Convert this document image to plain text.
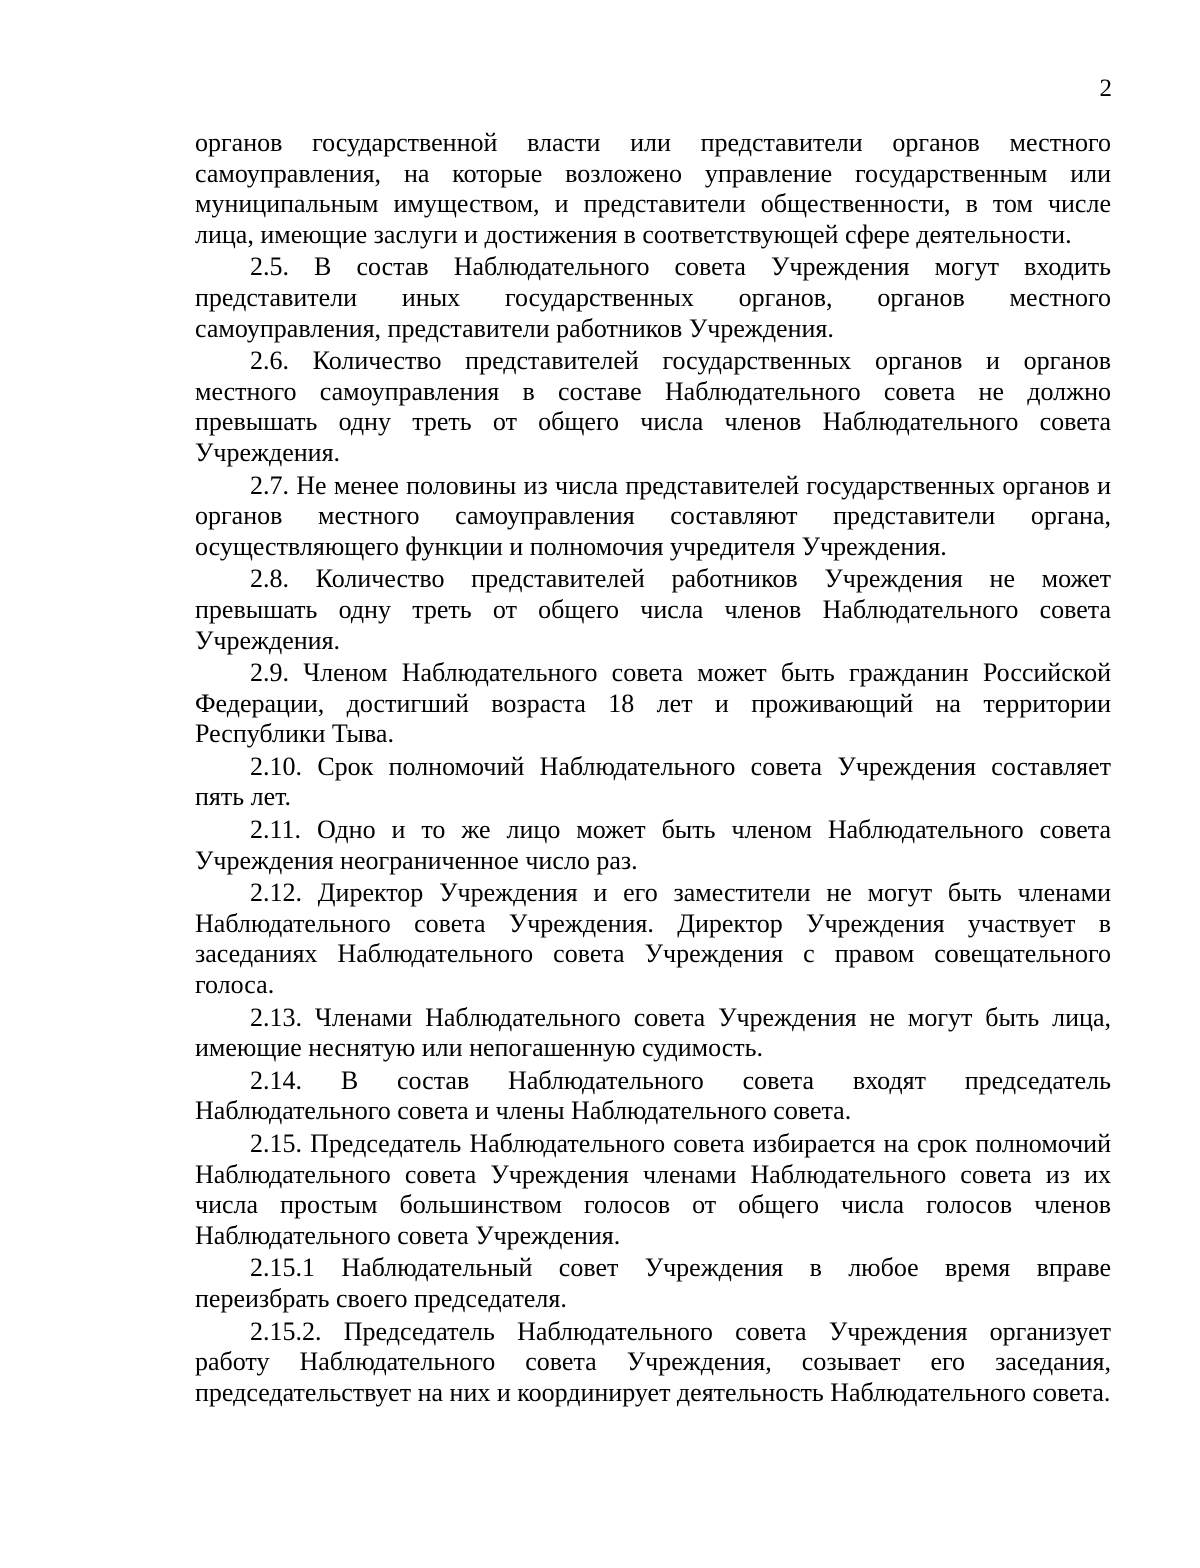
2

органов государственной власти или представители органов местного самоуправления, на которые возложено управление государственным или муниципальным имуществом, и представители общественности, в том числе лица, имеющие заслуги и достижения в соответствующей сфере деятельности.

2.5. В состав Наблюдательного совета Учреждения могут входить представители иных государственных органов, органов местного самоуправления, представители работников Учреждения.

2.6. Количество представителей государственных органов и органов местного самоуправления в составе Наблюдательного совета не должно превышать одну треть от общего числа членов Наблюдательного совета Учреждения.

2.7. Не менее половины из числа представителей государственных органов и органов местного самоуправления составляют представители органа, осуществляющего функции и полномочия учредителя Учреждения.

2.8. Количество представителей работников Учреждения не может превышать одну треть от общего числа членов Наблюдательного совета Учреждения.

2.9. Членом Наблюдательного совета может быть гражданин Российской Федерации, достигший возраста 18 лет и проживающий на территории Республики Тыва.

2.10. Срок полномочий Наблюдательного совета Учреждения составляет пять лет.

2.11. Одно и то же лицо может быть членом Наблюдательного совета Учреждения неограниченное число раз.

2.12. Директор Учреждения и его заместители не могут быть членами Наблюдательного совета Учреждения. Директор Учреждения участвует в заседаниях Наблюдательного совета Учреждения с правом совещательного голоса.

2.13. Членами Наблюдательного совета Учреждения не могут быть лица, имеющие неснятую или непогашенную судимость.

2.14. В состав Наблюдательного совета входят председатель Наблюдательного совета и члены Наблюдательного совета.

2.15. Председатель Наблюдательного совета избирается на срок полномочий Наблюдательного совета Учреждения членами Наблюдательного совета из их числа простым большинством голосов от общего числа голосов членов Наблюдательного совета Учреждения.

2.15.1 Наблюдательный совет Учреждения в любое время вправе переизбрать своего председателя.

2.15.2. Председатель Наблюдательного совета Учреждения организует работу Наблюдательного совета Учреждения, созывает его заседания, председательствует на них и координирует деятельность Наблюдательного совета.
